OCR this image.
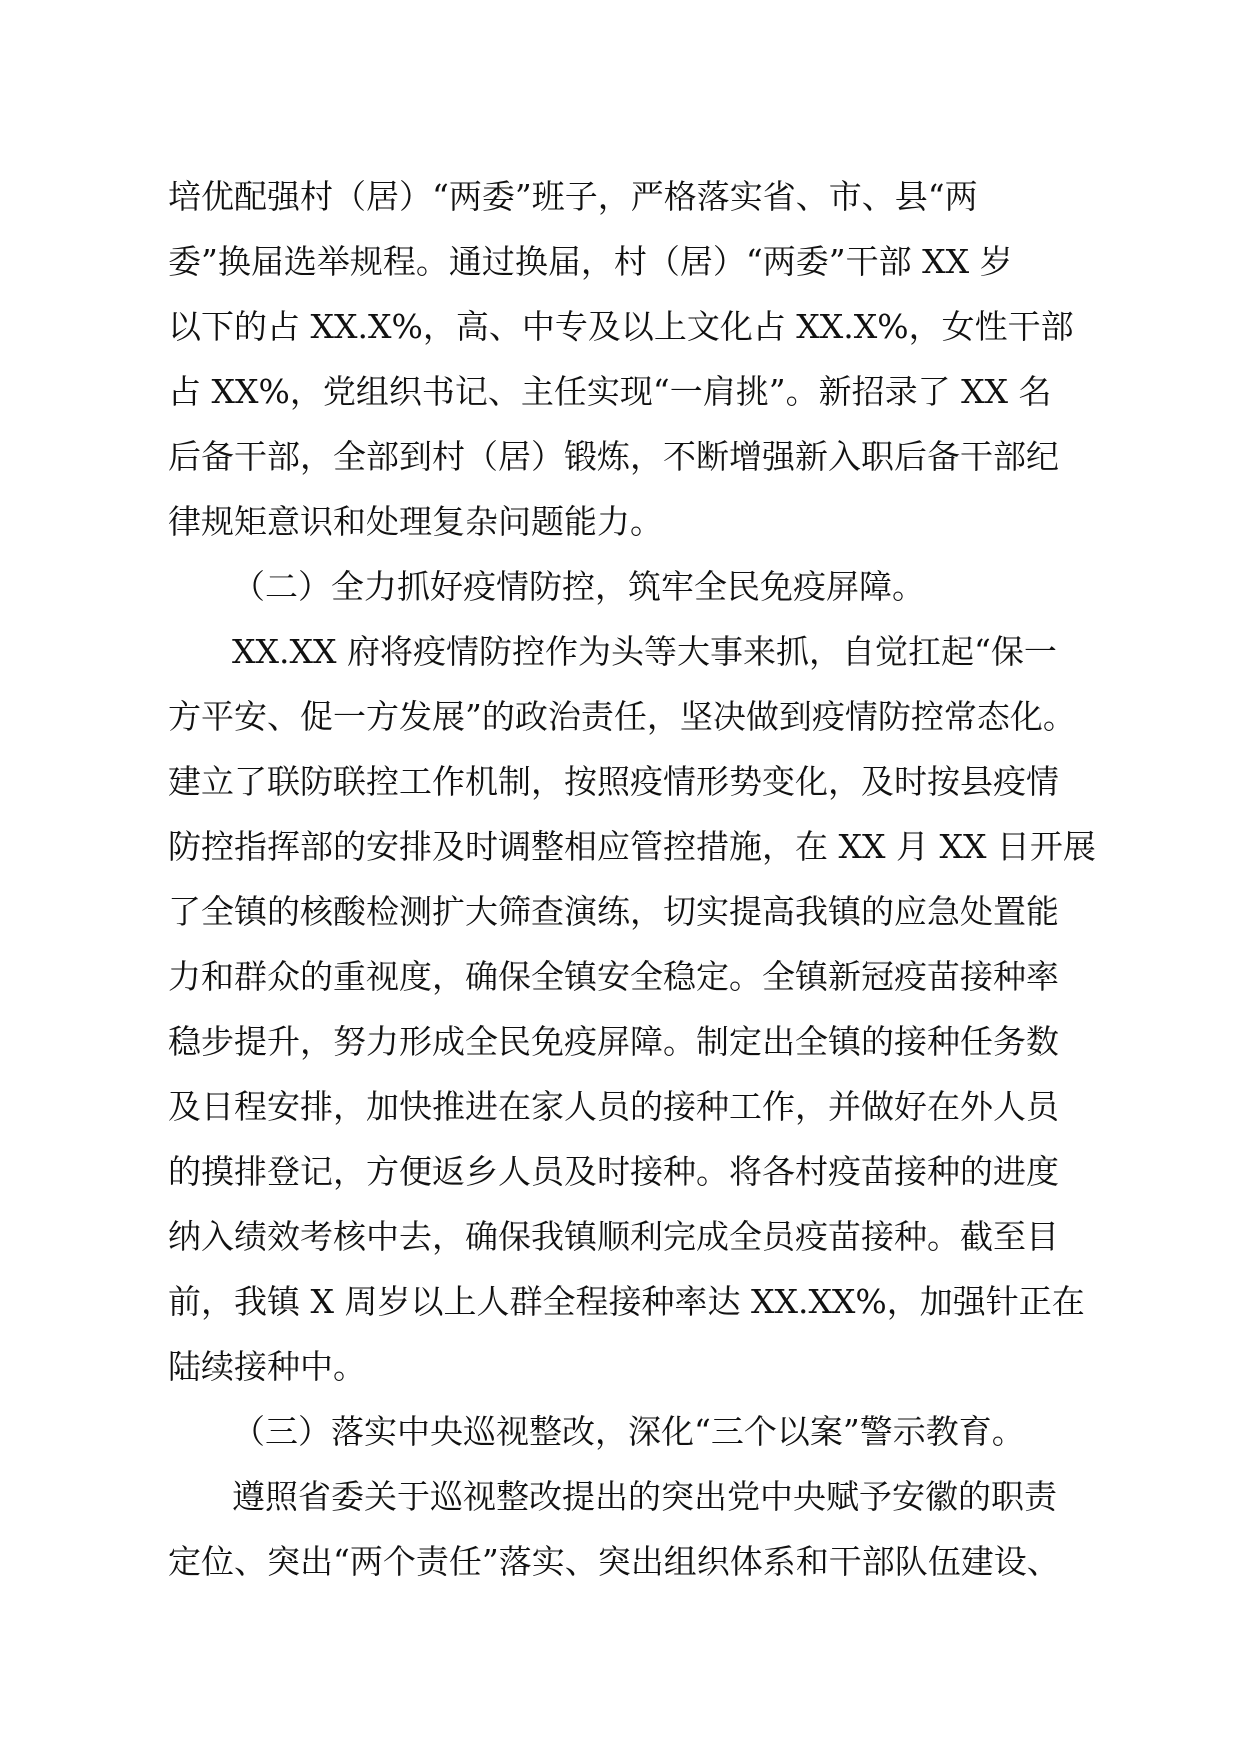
培优配强村（居）“两委”班子，严格落实省、市、县“两
委”换届选举规程。通过换届，村（居）“两委”干部 XX 岁
以下的占 XX.X%，高、中专及以上文化占 XX.X%，女性干部
占 XX%，党组织书记、主任实现“一肩挑”。新招录了 XX 名
后备干部，全部到村（居）锻炼，不断增强新入职后备干部纪
律规矩意识和处理复杂问题能力。
（二）全力抓好疫情防控，筑牢全民免疫屏障。
XX.XX 府将疫情防控作为头等大事来抓，自觉扛起“保一
方平安、促一方发展”的政治责任，坚决做到疫情防控常态化。
建立了联防联控工作机制，按照疫情形势变化，及时按县疫情
防控指挥部的安排及时调整相应管控措施，在 XX 月 XX 日开展
了全镇的核酸检测扩大筛查演练，切实提高我镇的应急处置能
力和群众的重视度，确保全镇安全稳定。全镇新冠疫苗接种率
稳步提升，努力形成全民免疫屏障。制定出全镇的接种任务数
及日程安排，加快推进在家人员的接种工作，并做好在外人员
的摸排登记，方便返乡人员及时接种。将各村疫苗接种的进度
纳入绩效考核中去，确保我镇顺利完成全员疫苗接种。截至目
前，我镇 X 周岁以上人群全程接种率达 XX.XX%，加强针正在
陆续接种中。
（三）落实中央巡视整改，深化“三个以案”警示教育。
遵照省委关于巡视整改提出的突出党中央赋予安徽的职责
定位、突出“两个责任”落实、突出组织体系和干部队伍建设、
